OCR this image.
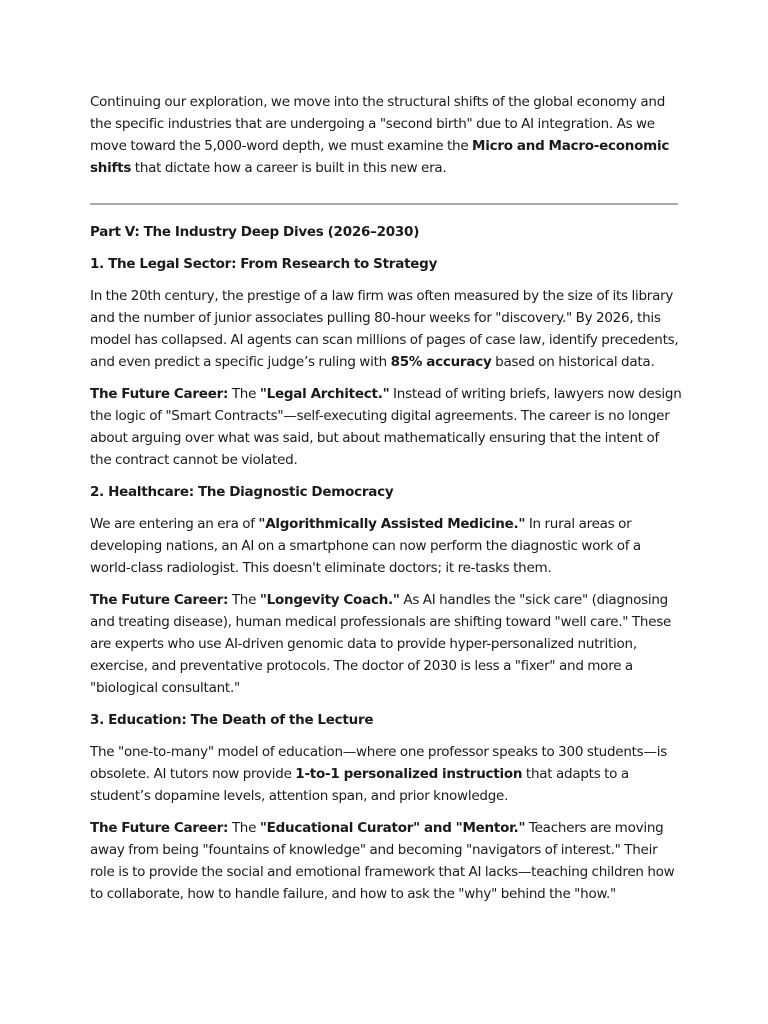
Continuing our exploration, we move into the structural shifts of the global economy and the specific industries that are undergoing a "second birth" due to AI integration. As we move toward the 5,000-word depth, we must examine the Micro and Macro-economic shifts that dictate how a career is built in this new era.

Part V: The Industry Deep Dives (2026–2030)

1. The Legal Sector: From Research to Strategy

In the 20th century, the prestige of a law firm was often measured by the size of its library and the number of junior associates pulling 80-hour weeks for "discovery." By 2026, this model has collapsed. AI agents can scan millions of pages of case law, identify precedents, and even predict a specific judge’s ruling with 85% accuracy based on historical data.

The Future Career: The "Legal Architect." Instead of writing briefs, lawyers now design the logic of "Smart Contracts"—self-executing digital agreements. The career is no longer about arguing over what was said, but about mathematically ensuring that the intent of the contract cannot be violated.

2. Healthcare: The Diagnostic Democracy

We are entering an era of "Algorithmically Assisted Medicine." In rural areas or developing nations, an AI on a smartphone can now perform the diagnostic work of a world-class radiologist. This doesn't eliminate doctors; it re-tasks them.

The Future Career: The "Longevity Coach." As AI handles the "sick care" (diagnosing and treating disease), human medical professionals are shifting toward "well care." These are experts who use AI-driven genomic data to provide hyper-personalized nutrition, exercise, and preventative protocols. The doctor of 2030 is less a "fixer" and more a "biological consultant."

3. Education: The Death of the Lecture

The "one-to-many" model of education—where one professor speaks to 300 students—is obsolete. AI tutors now provide 1-to-1 personalized instruction that adapts to a student’s dopamine levels, attention span, and prior knowledge.

The Future Career: The "Educational Curator" and "Mentor." Teachers are moving away from being "fountains of knowledge" and becoming "navigators of interest." Their role is to provide the social and emotional framework that AI lacks—teaching children how to collaborate, how to handle failure, and how to ask the "why" behind the "how."
